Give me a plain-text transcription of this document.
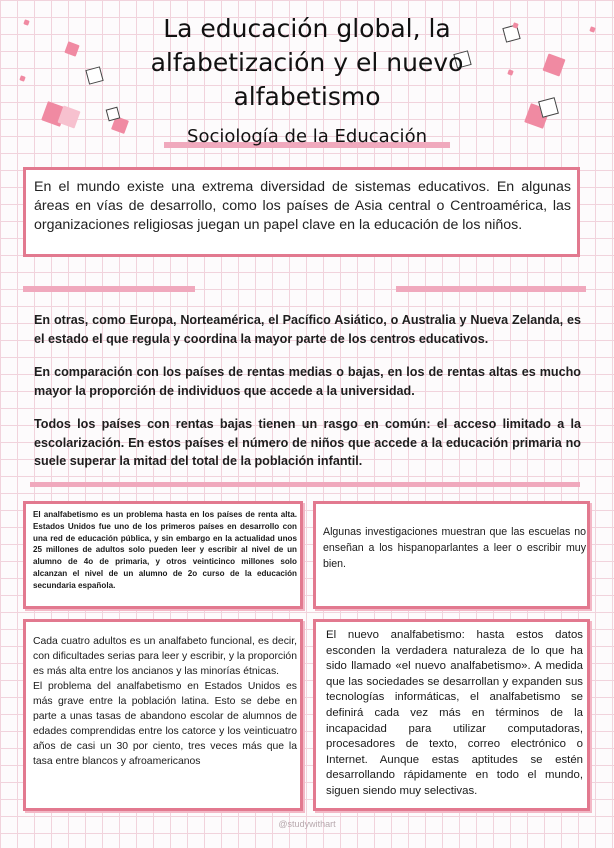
La educación global, la
alfabetización y el nuevo
alfabetismo
Sociología de la Educación
En el mundo existe una extrema diversidad de sistemas educativos. En algunas áreas en vías de desarrollo, como los países de Asia central o Centroamérica, las organizaciones religiosas juegan un papel clave en la educación de los niños.
En otras, como Europa, Norteamérica, el Pacífico Asiático, o Australia y Nueva Zelanda, es el estado el que regula y coordina la mayor parte de los centros educativos.
En comparación con los países de rentas medias o bajas, en los de rentas altas es mucho mayor la proporción de individuos que accede a la universidad.
Todos los países con rentas bajas tienen un rasgo en común: el acceso limitado a la escolarización. En estos países el número de niños que accede a la educación primaria no suele superar la mitad del total de la población infantil.
El analfabetismo es un problema hasta en los países de renta alta. Estados Unidos fue uno de los primeros países en desarrollo con una red de educación pública, y sin embargo en la actualidad unos 25 millones de adultos solo pueden leer y escribir al nivel de un alumno de 4o de primaria, y otros veinticinco millones solo alcanzan el nivel de un alumno de 2o curso de la educación secundaria española.
Algunas investigaciones muestran que las escuelas no enseñan a los hispanoparlantes a leer o escribir muy bien.
Cada cuatro adultos es un analfabeto funcional, es decir, con dificultades serias para leer y escribir, y la proporción es más alta entre los ancianos y las minorías étnicas.
El problema del analfabetismo en Estados Unidos es más grave entre la población latina. Esto se debe en parte a unas tasas de abandono escolar de alumnos de edades comprendidas entre los catorce y los veinticuatro años de casi un 30 por ciento, tres veces más que la tasa entre blancos y afroamericanos
El nuevo analfabetismo: hasta estos datos esconden la verdadera naturaleza de lo que ha sido llamado «el nuevo analfabetismo». A medida que las sociedades se desarrollan y expanden sus tecnologías informáticas, el analfabetismo se definirá cada vez más en términos de la incapacidad para utilizar computadoras, procesadores de texto, correo electrónico o Internet. Aunque estas aptitudes se estén desarrollando rápidamente en todo el mundo, siguen siendo muy selectivas.
@studywithart
